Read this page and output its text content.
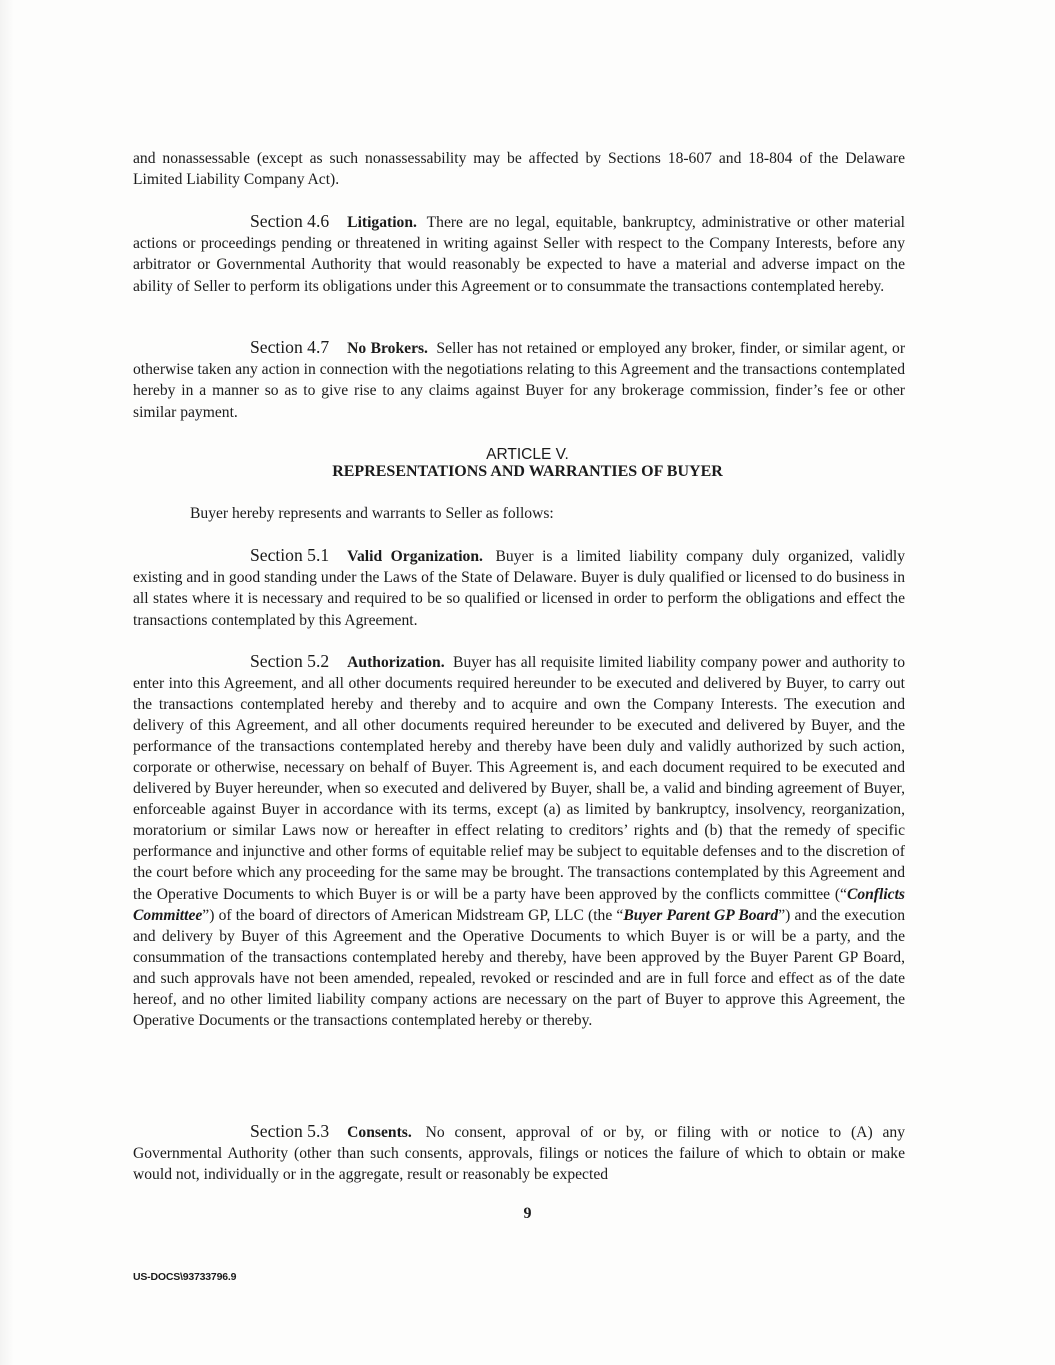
and nonassessable (except as such nonassessability may be affected by Sections 18-607 and 18-804 of the Delaware Limited Liability Company Act).

Section 4.6 Litigation. There are no legal, equitable, bankruptcy, administrative or other material actions or proceedings pending or threatened in writing against Seller with respect to the Company Interests, before any arbitrator or Governmental Authority that would reasonably be expected to have a material and adverse impact on the ability of Seller to perform its obligations under this Agreement or to consummate the transactions contemplated hereby.

Section 4.7 No Brokers. Seller has not retained or employed any broker, finder, or similar agent, or otherwise taken any action in connection with the negotiations relating to this Agreement and the transactions contemplated hereby in a manner so as to give rise to any claims against Buyer for any brokerage commission, finder’s fee or other similar payment.

ARTICLE V.
REPRESENTATIONS AND WARRANTIES OF BUYER

Buyer hereby represents and warrants to Seller as follows:

Section 5.1 Valid Organization. Buyer is a limited liability company duly organized, validly existing and in good standing under the Laws of the State of Delaware. Buyer is duly qualified or licensed to do business in all states where it is necessary and required to be so qualified or licensed in order to perform the obligations and effect the transactions contemplated by this Agreement.

Section 5.2 Authorization. Buyer has all requisite limited liability company power and authority to enter into this Agreement, and all other documents required hereunder to be executed and delivered by Buyer, to carry out the transactions contemplated hereby and thereby and to acquire and own the Company Interests. The execution and delivery of this Agreement, and all other documents required hereunder to be executed and delivered by Buyer, and the performance of the transactions contemplated hereby and thereby have been duly and validly authorized by such action, corporate or otherwise, necessary on behalf of Buyer. This Agreement is, and each document required to be executed and delivered by Buyer hereunder, when so executed and delivered by Buyer, shall be, a valid and binding agreement of Buyer, enforceable against Buyer in accordance with its terms, except (a) as limited by bankruptcy, insolvency, reorganization, moratorium or similar Laws now or hereafter in effect relating to creditors’ rights and (b) that the remedy of specific performance and injunctive and other forms of equitable relief may be subject to equitable defenses and to the discretion of the court before which any proceeding for the same may be brought. The transactions contemplated by this Agreement and the Operative Documents to which Buyer is or will be a party have been approved by the conflicts committee (“Conflicts Committee”) of the board of directors of American Midstream GP, LLC (the “Buyer Parent GP Board”) and the execution and delivery by Buyer of this Agreement and the Operative Documents to which Buyer is or will be a party, and the consummation of the transactions contemplated hereby and thereby, have been approved by the Buyer Parent GP Board, and such approvals have not been amended, repealed, revoked or rescinded and are in full force and effect as of the date hereof, and no other limited liability company actions are necessary on the part of Buyer to approve this Agreement, the Operative Documents or the transactions contemplated hereby or thereby.

Section 5.3 Consents. No consent, approval of or by, or filing with or notice to (A) any Governmental Authority (other than such consents, approvals, filings or notices the failure of which to obtain or make would not, individually or in the aggregate, result or reasonably be expected

9
US-DOCS\93733796.9
